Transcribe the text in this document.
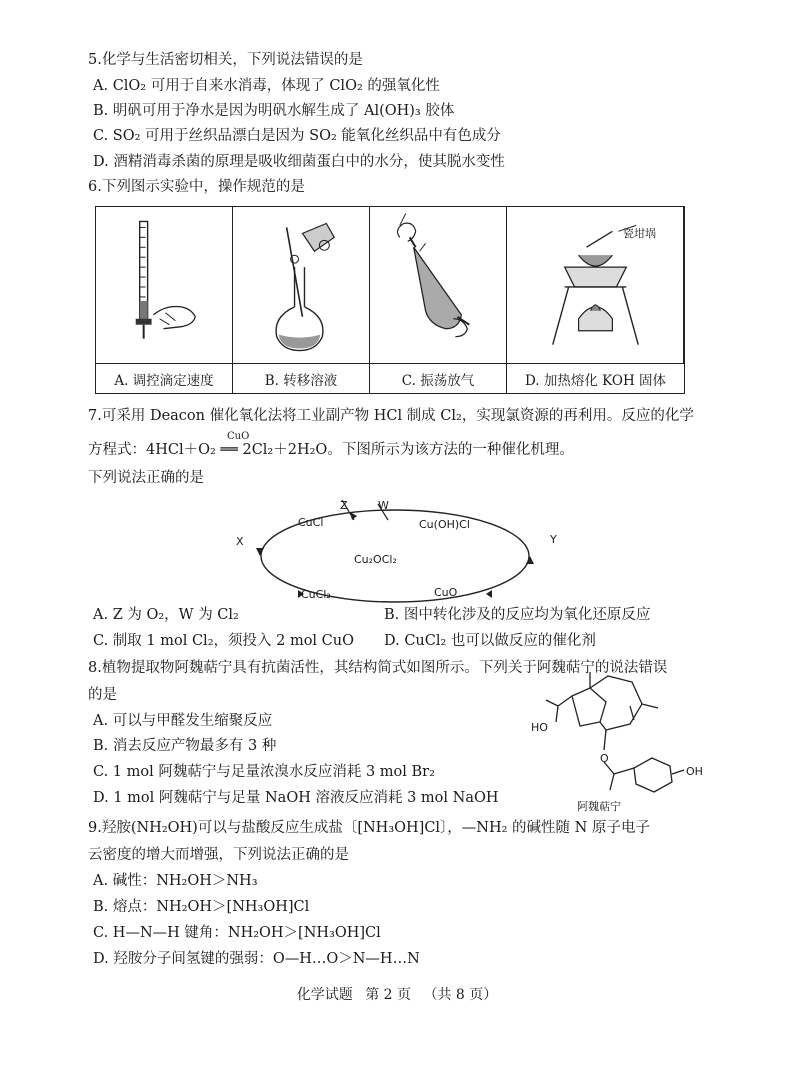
5.化学与生活密切相关，下列说法错误的是
A. ClO₂ 可用于自来水消毒，体现了 ClO₂ 的强氧化性
B. 明矾可用于净水是因为明矾水解生成了 Al(OH)₃ 胶体
C. SO₂ 可用于丝织品漂白是因为 SO₂ 能氧化丝织品中有色成分
D. 酒精消毒杀菌的原理是吸收细菌蛋白中的水分，使其脱水变性
6.下列图示实验中，操作规范的是
瓷坩埚
A. 调控滴定速度	B. 转移溶液	C. 振荡放气	D. 加热熔化 KOH 固体
7.可采用 Deacon 催化氧化法将工业副产物 HCl 制成 Cl₂，实现氯资源的再利用。反应的化学
方程式：4HCl＋O₂ ══ 2Cl₂＋2H₂O。下图所示为该方法的一种催化机理。
CuO
下列说法正确的是
CuCl	Cu(OH)Cl
Cu₂OCl₂
CuCl₂	CuO
Z	W
X	Y
A. Z 为 O₂，W 为 Cl₂	B. 图中转化涉及的反应均为氧化还原反应
C. 制取 1 mol Cl₂，须投入 2 mol CuO D. CuCl₂ 也可以做反应的催化剂
8.植物提取物阿魏萜宁具有抗菌活性，其结构简式如图所示。下列关于阿魏萜宁的说法错误
的是
A. 可以与甲醛发生缩聚反应
B. 消去反应产物最多有 3 种
C. 1 mol 阿魏萜宁与足量浓溴水反应消耗 3 mol Br₂
D. 1 mol 阿魏萜宁与足量 NaOH 溶液反应消耗 3 mol NaOH
HO
O
OH
阿魏萜宁
9.羟胺(NH₂OH)可以与盐酸反应生成盐〔[NH₃OH]Cl〕，—NH₂ 的碱性随 N 原子电子
云密度的增大而增强，下列说法正确的是
A. 碱性：NH₂OH＞NH₃
B. 熔点：NH₂OH＞[NH₃OH]Cl
C. H—N—H 键角：NH₂OH＞[NH₃OH]Cl
D. 羟胺分子间氢键的强弱：O—H…O＞N—H…N
化学试题 第 2 页 （共 8 页）
